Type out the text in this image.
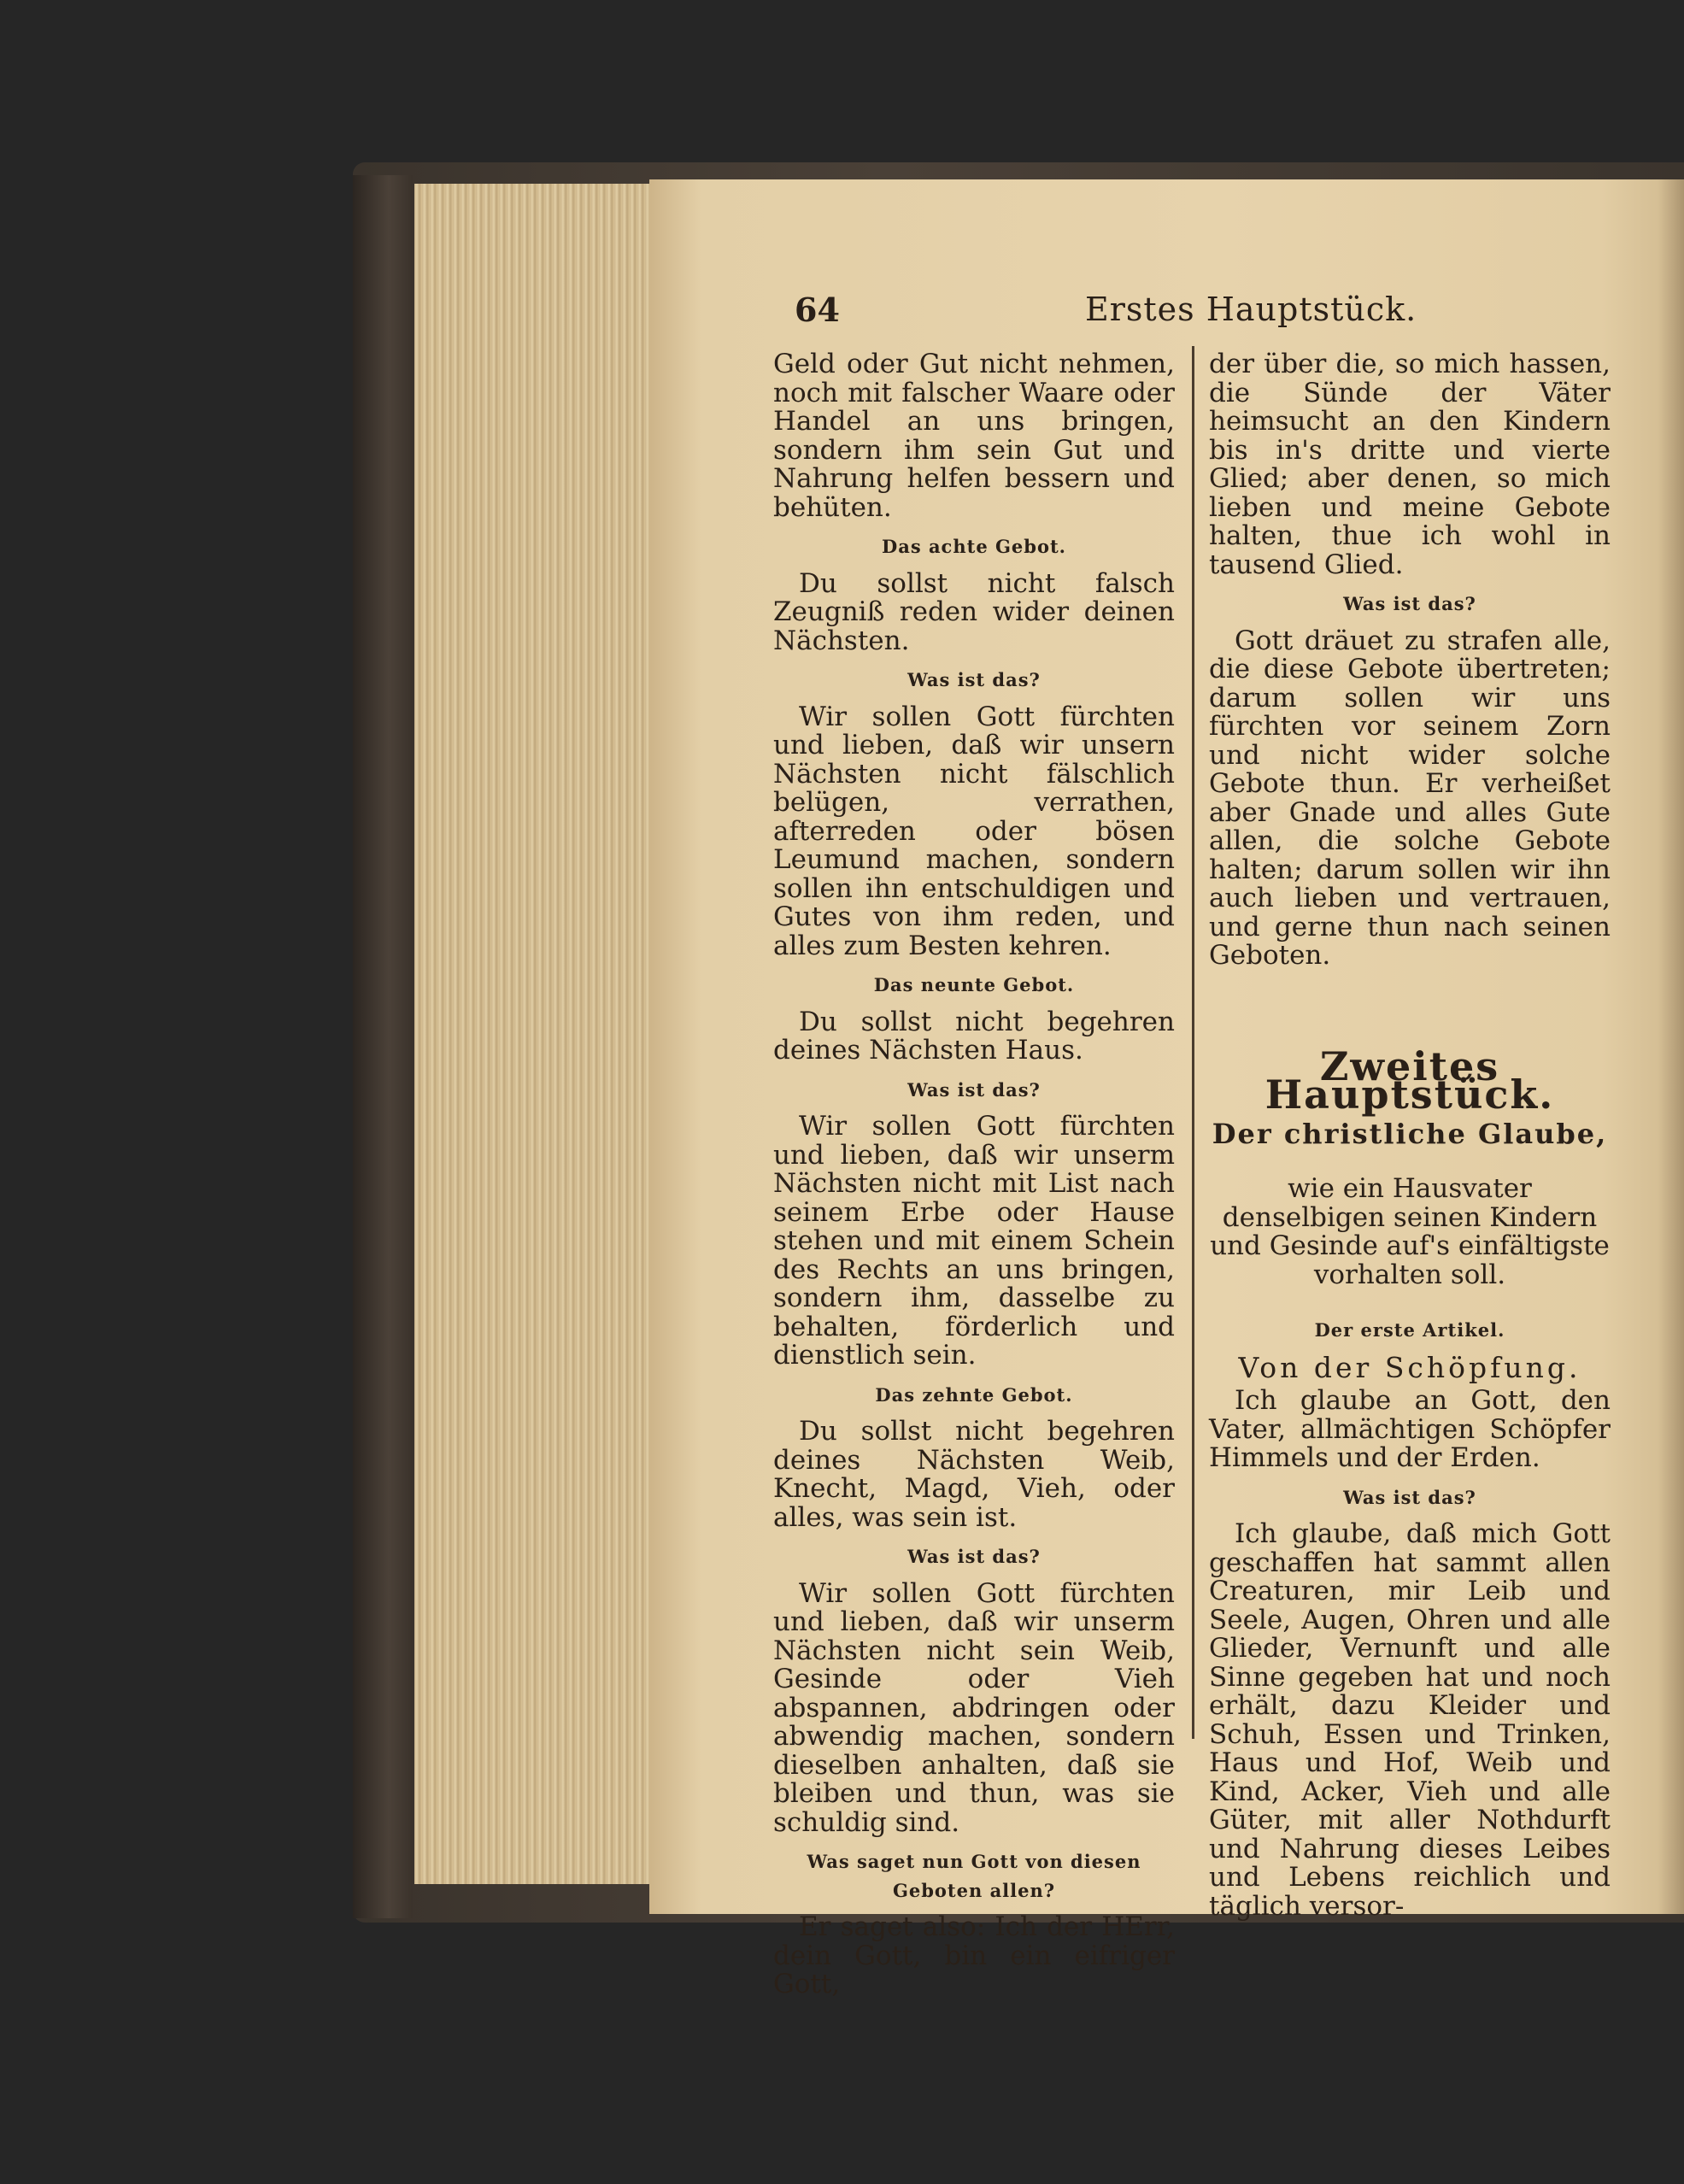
64	Erstes Hauptstück.

Geld oder Gut nicht nehmen, noch mit falscher Waare oder Handel an uns bringen, sondern ihm sein Gut und Nahrung helfen bessern und behüten.

Das achte Gebot.

Du sollst nicht falsch Zeugniß reden wider deinen Nächsten.

Was ist das?

Wir sollen Gott fürchten und lieben, daß wir unsern Nächsten nicht fälschlich belügen, verrathen, afterreden oder bösen Leumund machen, sondern sollen ihn entschuldigen und Gutes von ihm reden, und alles zum Besten kehren.

Das neunte Gebot.

Du sollst nicht begehren deines Nächsten Haus.

Was ist das?

Wir sollen Gott fürchten und lieben, daß wir unserm Nächsten nicht mit List nach seinem Erbe oder Hause stehen und mit einem Schein des Rechts an uns bringen, sondern ihm, dasselbe zu behalten, förderlich und dienstlich sein.

Das zehnte Gebot.

Du sollst nicht begehren deines Nächsten Weib, Knecht, Magd, Vieh, oder alles, was sein ist.

Was ist das?

Wir sollen Gott fürchten und lieben, daß wir unserm Nächsten nicht sein Weib, Gesinde oder Vieh abspannen, abdringen oder abwendig machen, sondern dieselben anhalten, daß sie bleiben und thun, was sie schuldig sind.

Was saget nun Gott von diesen Geboten allen?

Er saget also: Ich der HErr, dein Gott, bin ein eifriger Gott,

der über die, so mich hassen, die Sünde der Väter heimsucht an den Kindern bis in's dritte und vierte Glied; aber denen, so mich lieben und meine Gebote halten, thue ich wohl in tausend Glied.

Was ist das?

Gott dräuet zu strafen alle, die diese Gebote übertreten; darum sollen wir uns fürchten vor seinem Zorn und nicht wider solche Gebote thun. Er verheißet aber Gnade und alles Gute allen, die solche Gebote halten; darum sollen wir ihn auch lieben und vertrauen, und gerne thun nach seinen Geboten.

Zweites Hauptstück.
Der christliche Glaube,

wie ein Hausvater denselbigen seinen Kindern und Gesinde auf's einfältigste vorhalten soll.

Der erste Artikel.
Von der Schöpfung.

Ich glaube an Gott, den Vater, allmächtigen Schöpfer Himmels und der Erden.

Was ist das?

Ich glaube, daß mich Gott geschaffen hat sammt allen Creaturen, mir Leib und Seele, Augen, Ohren und alle Glieder, Vernunft und alle Sinne gegeben hat und noch erhält, dazu Kleider und Schuh, Essen und Trinken, Haus und Hof, Weib und Kind, Acker, Vieh und alle Güter, mit aller Nothdurft und Nahrung dieses Leibes und Lebens reichlich und täglich versor-
